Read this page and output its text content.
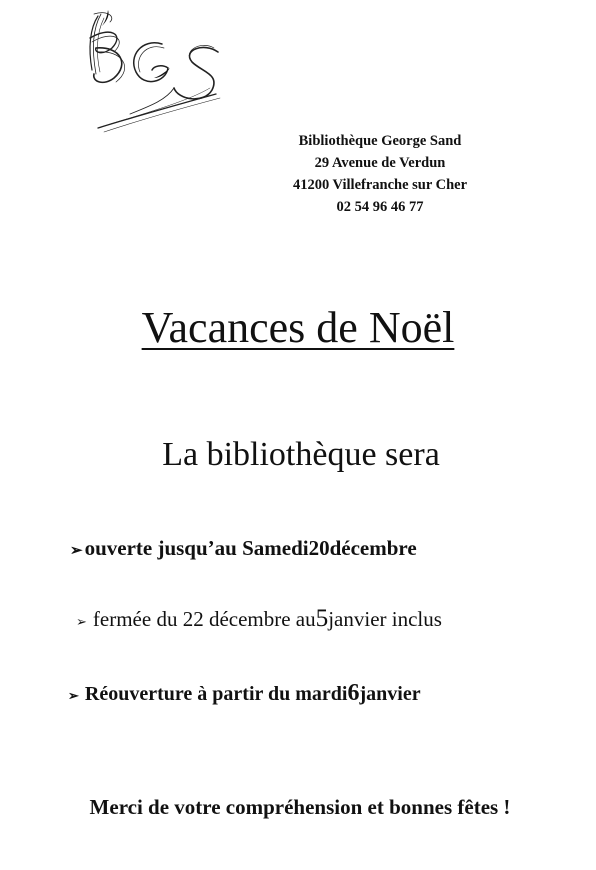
Bibliothèque George Sand
29 Avenue de Verdun
41200 Villefranche sur Cher
02 54 96 46 77
Vacances de Noël
La bibliothèque sera
➢ ouverte jusqu’au Samedi 20 décembre
➢ fermée du 22 décembre au 5 janvier inclus
➢ Réouverture à partir du mardi 6 janvier
Merci de votre compréhension et bonnes fêtes !
